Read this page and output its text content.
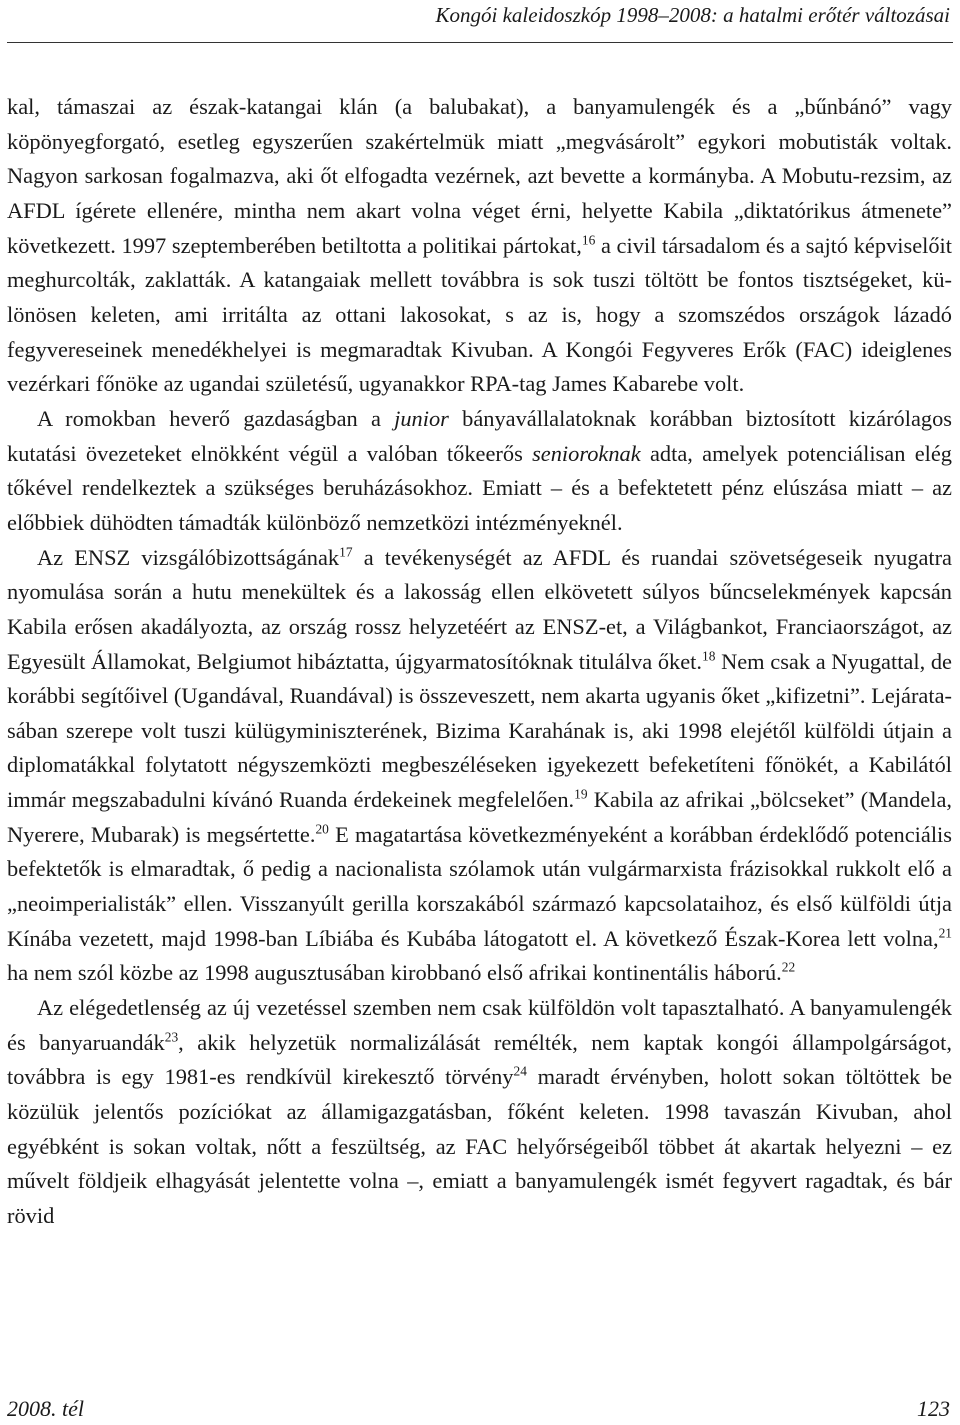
Kongói kaleidoszkóp 1998–2008: a hatalmi erőtér változásai

kal, támaszai az észak-katangai klán (a balubakat), a banyamulengék és a „bűnbánó” vagy köpönyegforgató, esetleg egyszerűen szakértelmük miatt „megvásárolt” egykori mobutisták voltak. Nagyon sarkosan fogalmazva, aki őt elfogadta vezérnek, azt bevette a kormányba. A Mobutu-rezsim, az AFDL ígérete ellenére, mintha nem akart volna véget érni, helyette Kabila „diktatórikus átmenete” következett. 1997 szeptemberében betiltotta a politikai pártokat,$^{16}$ a civil társadalom és a sajtó képviselőit meghurcolták, zaklatták. A katangaiak mellett továbbra is sok tuszi töltött be fontos tisztségeket, különösen keleten, ami irritálta az ottani lakosokat, s az is, hogy a szomszédos országok lázadó fegyvereseinek menedékhelyei is megmaradtak Kivuban. A Kongói Fegyveres Erők (FAC) ideiglenes vezérkari főnöke az ugandai születésű, ugyanakkor RPA-tag James Kabarebe volt.

A romokban heverő gazdaságban a junior bányavállalatoknak korábban biztosított kizárólagos kutatási övezeteket elnökként végül a valóban tőkeerős senioroknak adta, amelyek potenciálisan elég tőkével rendelkeztek a szükséges beruházásokhoz. Emiatt – és a befektetett pénz elúszása miatt – az előbbiek dühödten támadták különböző nemzetközi intézményeknél.

Az ENSZ vizsgálóbizottságának$^{17}$ a tevékenységét az AFDL és ruandai szövetségeseik nyugatra nyomulása során a hutu menekültek és a lakosság ellen elkövetett súlyos bűncselekmények kapcsán Kabila erősen akadályozta, az ország rossz helyzetéért az ENSZ-et, a Világbankot, Franciaországot, az Egyesült Államokat, Belgiumot hibáztatta, újgyarmatosítóknak titulálva őket.$^{18}$ Nem csak a Nyugattal, de korábbi segítőivel (Ugandával, Ruandával) is összeveszett, nem akarta ugyanis őket „kifizetni”. Lejáratasában szerepe volt tuszi külügyminiszterének, Bizima Karahának is, aki 1998 elejétől külföldi útjain a diplomatákkal folytatott négyszemközti megbeszéléseken igyekezett befeketíteni főnökét, a Kabilától immár megszabadulni kívánó Ruanda érdekeinek megfelelően.$^{19}$ Kabila az afrikai „bölcseket” (Mandela, Nyerere, Mubarak) is megsértette.$^{20}$ E magatartása következményeként a korábban érdeklődő potenciális befektetők is elmaradtak, ő pedig a nacionalista szólamok után vulgármarxista frázisokkal rukkolt elő a „neoimperialisták” ellen. Visszanyúlt gerilla korszakából származó kapcsolataihoz, és első külföldi útja Kínába vezetett, majd 1998-ban Líbiába és Kubába látogatott el. A következő Észak-Korea lett volna,$^{21}$ ha nem szól közbe az 1998 augusztusában kirobbanó első afrikai kontinentális háború.$^{22}$

Az elégedetlenség az új vezetéssel szemben nem csak külföldön volt tapasztalható. A banyamulengék és banyaruandák$^{23}$, akik helyzetük normalizálását remélték, nem kaptak kongói állampolgárságot, továbbra is egy 1981-es rendkívül kirekesztő törvény$^{24}$ maradt érvényben, holott sokan töltöttek be közülük jelentős pozíciókat az államigazgatásban, főként keleten. 1998 tavaszán Kivuban, ahol egyébként is sokan voltak, nőtt a feszültség, az FAC helyőrségeiből többet át akartak helyezni – ez művelt földjeik elhagyását jelentette volna –, emiatt a banyamulengék ismét fegyvert ragadtak, és bár rövid

2008. tél	123
